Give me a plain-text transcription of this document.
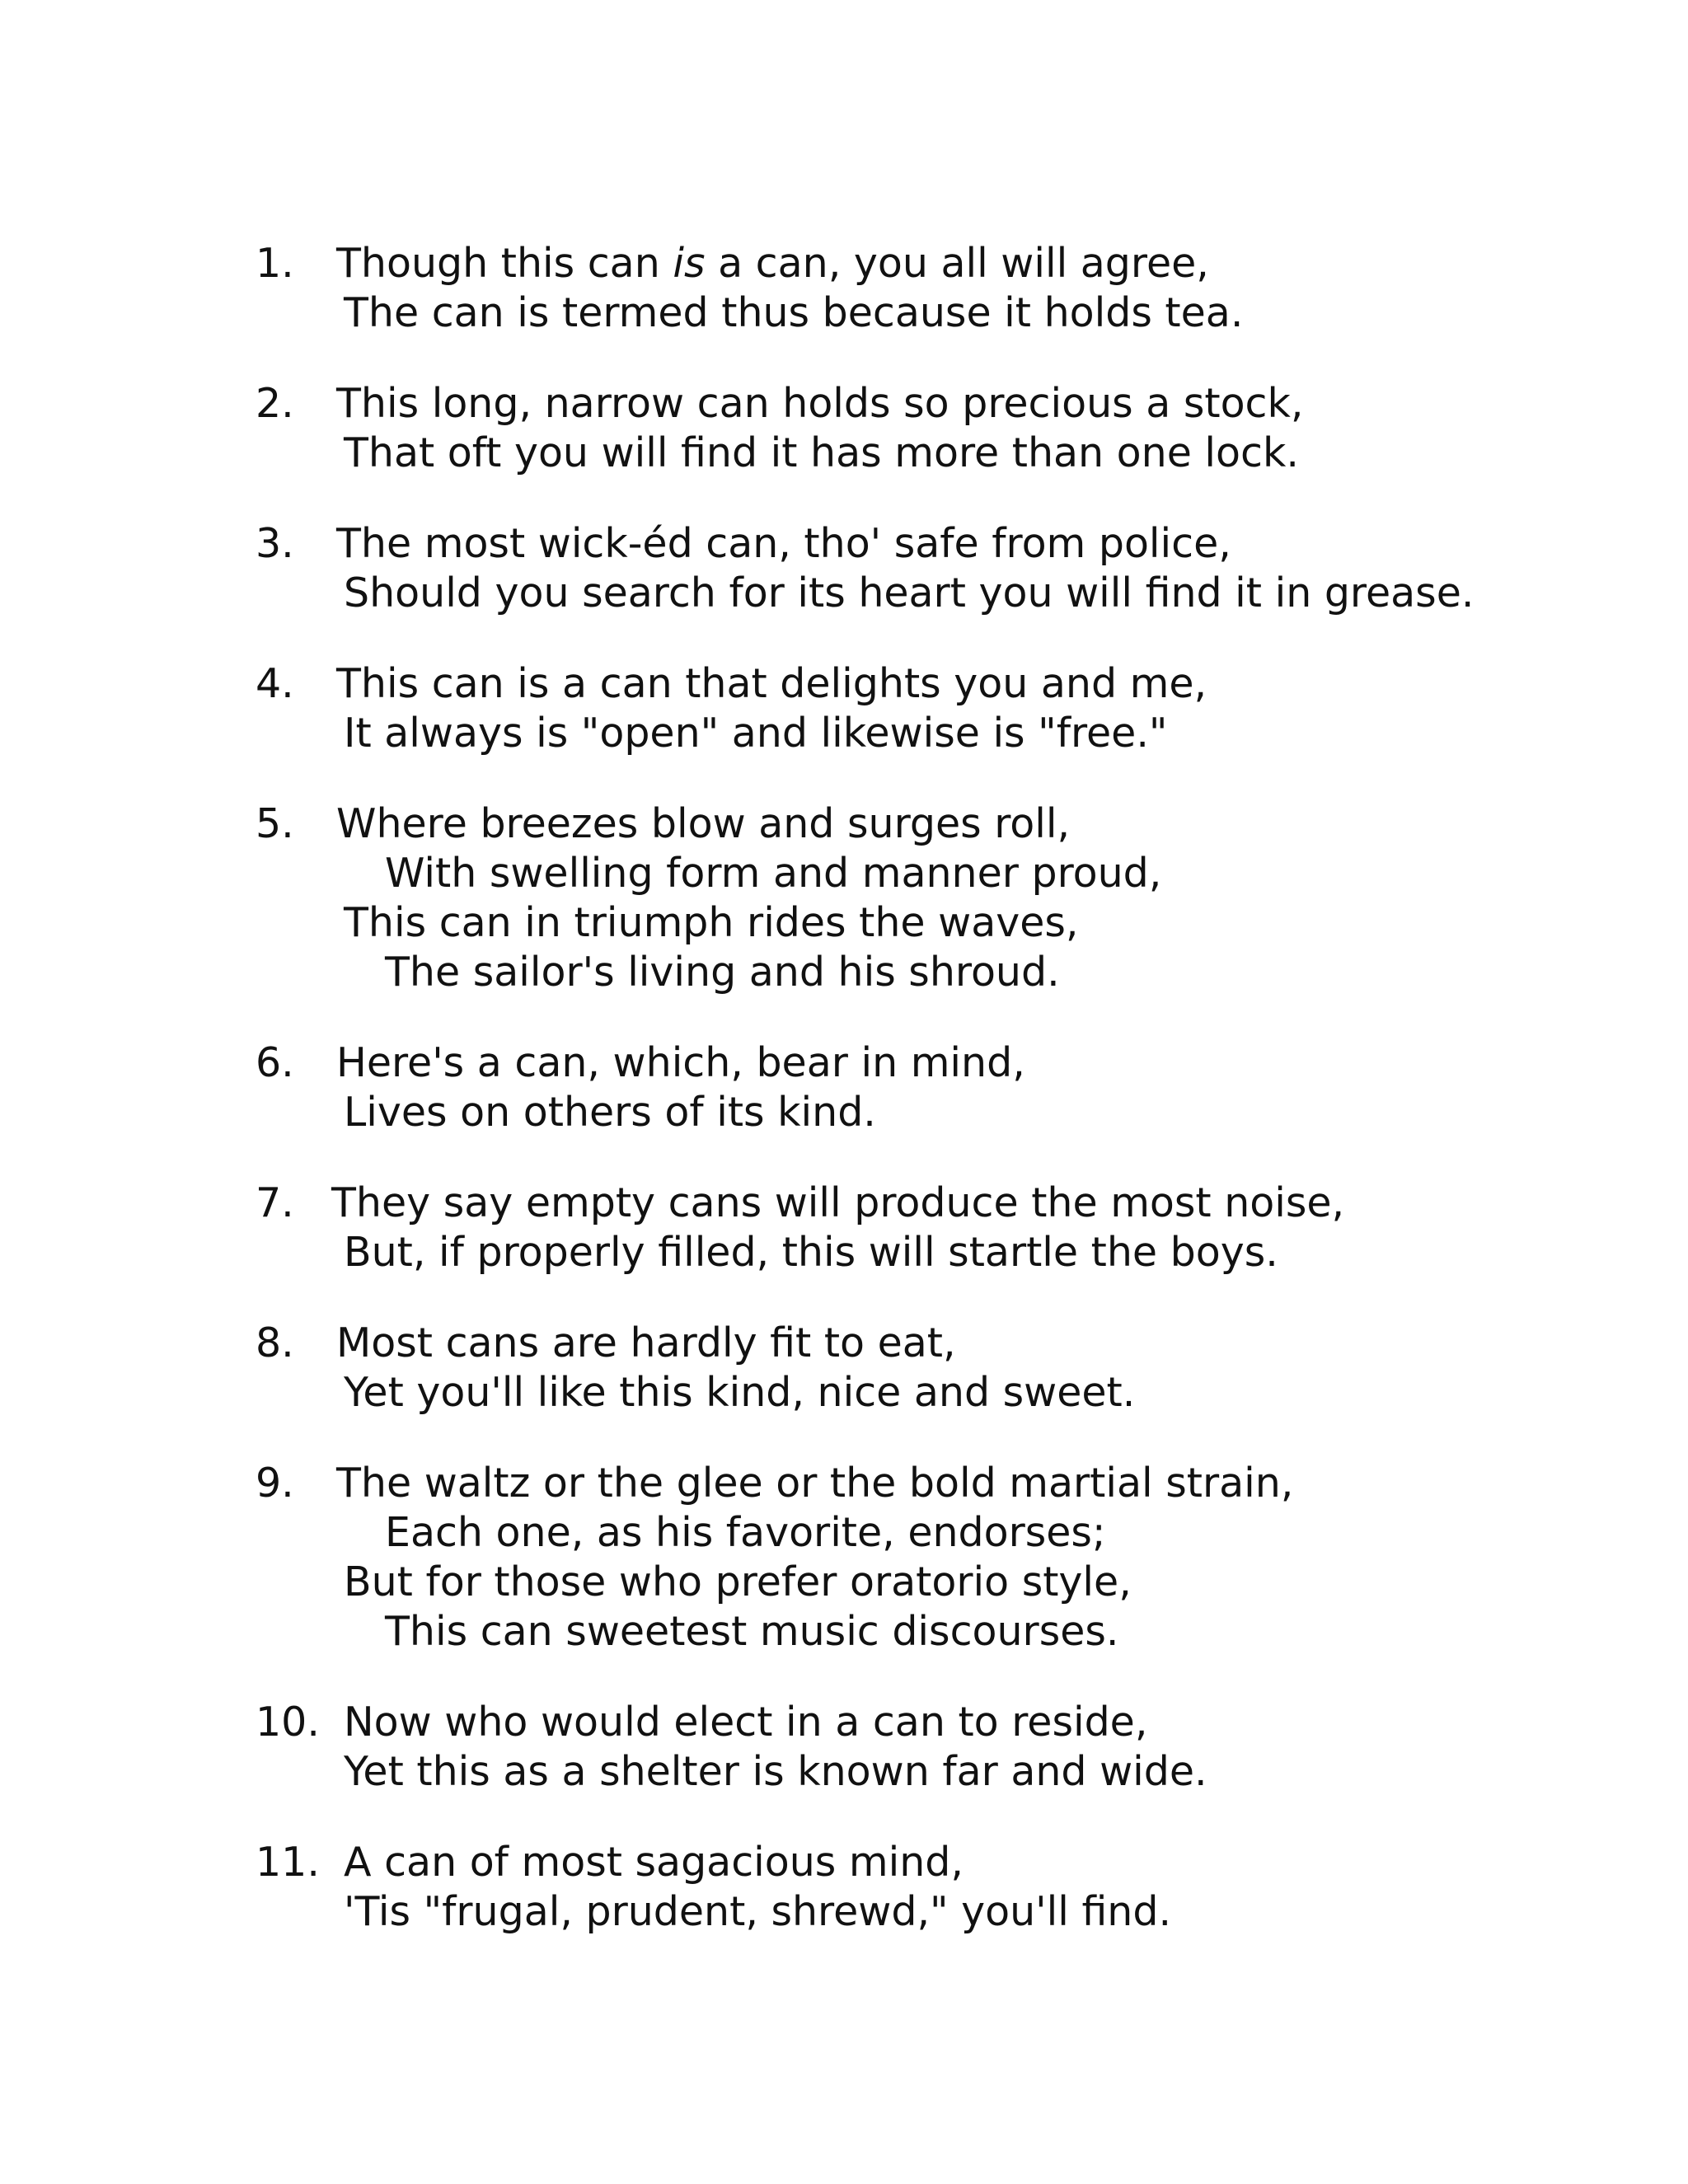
1. Though this can is a can, you all will agree,
The can is termed thus because it holds tea.
2. This long, narrow can holds so precious a stock,
That oft you will find it has more than one lock.
3. The most wick-éd can, tho' safe from police,
Should you search for its heart you will find it in grease.
4. This can is a can that delights you and me,
It always is "open" and likewise is "free."
5. Where breezes blow and surges roll,
With swelling form and manner proud,
This can in triumph rides the waves,
The sailor's living and his shroud.
6. Here's a can, which, bear in mind,
Lives on others of its kind.
7. They say empty cans will produce the most noise,
But, if properly filled, this will startle the boys.
8. Most cans are hardly fit to eat,
Yet you'll like this kind, nice and sweet.
9. The waltz or the glee or the bold martial strain,
Each one, as his favorite, endorses;
But for those who prefer oratorio style,
This can sweetest music discourses.
10. Now who would elect in a can to reside,
Yet this as a shelter is known far and wide.
11. A can of most sagacious mind,
'Tis "frugal, prudent, shrewd," you'll find.
